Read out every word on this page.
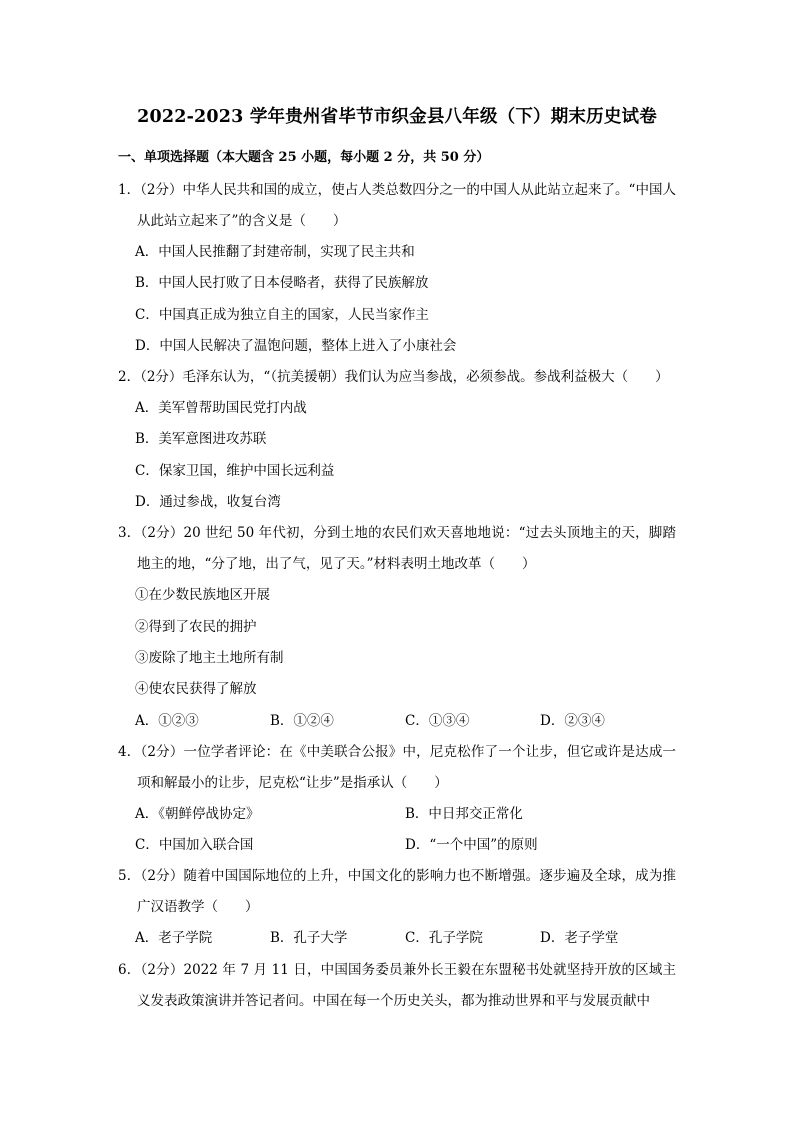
2022-2023 学年贵州省毕节市织金县八年级（下）期末历史试卷
一、单项选择题（本大题含 25 小题，每小题 2 分，共 50 分）
1．（2分）中华人民共和国的成立，使占人类总数四分之一的中国人从此站立起来了。“中国人从此站立起来了”的含义是（　　）
A．中国人民推翻了封建帝制，实现了民主共和
B．中国人民打败了日本侵略者，获得了民族解放
C．中国真正成为独立自主的国家，人民当家作主
D．中国人民解决了温饱问题，整体上进入了小康社会
2．（2分）毛泽东认为，“（抗美援朝）我们认为应当参战，必须参战。参战利益极大（　　）
A．美军曾帮助国民党打内战
B．美军意图进攻苏联
C．保家卫国，维护中国长远利益
D．通过参战，收复台湾
3．（2分）20 世纪 50 年代初，分到土地的农民们欢天喜地地说：“过去头顶地主的天，脚踏地主的地，“分了地，出了气，见了天。”材料表明土地改革（　　）
①在少数民族地区开展
②得到了农民的拥护
③废除了地主土地所有制
④使农民获得了解放
A．①②③	B．①②④	C．①③④	D．②③④
4．（2分）一位学者评论：在《中美联合公报》中，尼克松作了一个让步，但它或许是达成一项和解最小的让步，尼克松“让步”是指承认（　　）
A．《朝鲜停战协定》	B．中日邦交正常化
C．中国加入联合国	D．“一个中国”的原则
5．（2分）随着中国国际地位的上升，中国文化的影响力也不断增强。逐步遍及全球，成为推广汉语教学（　　）
A．老子学院	B．孔子大学	C．孔子学院	D．老子学堂
6．（2分）2022 年 7 月 11 日，中国国务委员兼外长王毅在东盟秘书处就坚持开放的区域主义发表政策演讲并答记者问。中国在每一个历史关头，都为推动世界和平与发展贡献中
